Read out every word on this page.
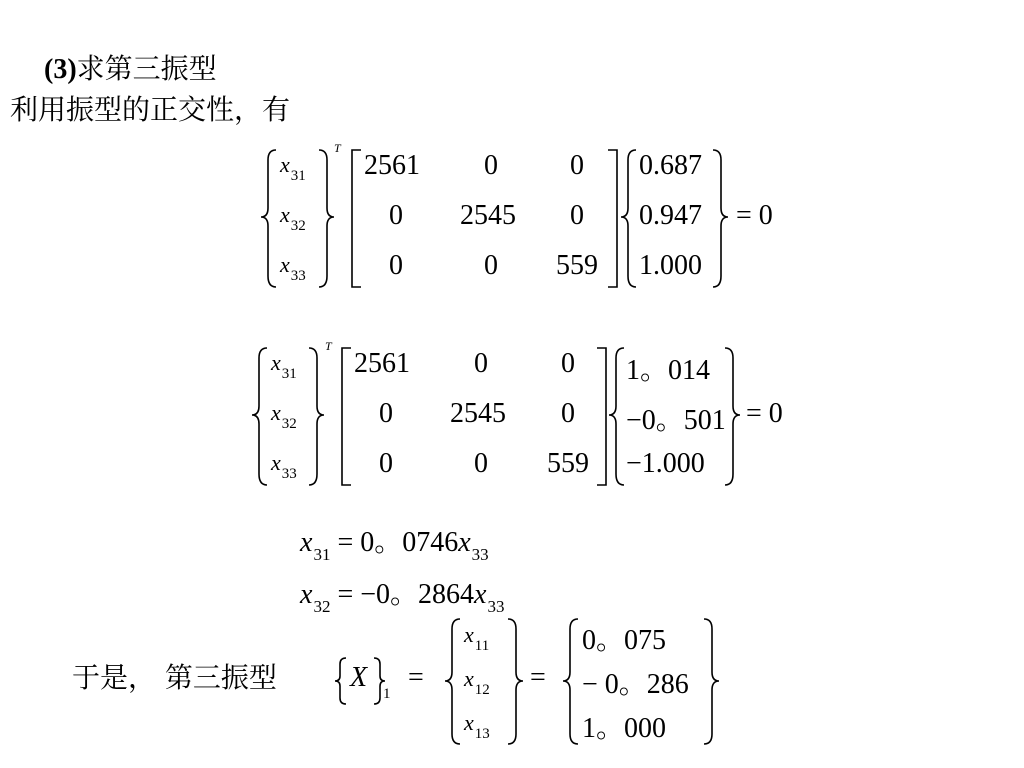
(3)求第三振型
利用振型的正交性，有
$x_{31}$
$x_{32}$
$x_{33}$
T
2561 0	0
0 2545 0
0	0 559
0.687
0.947
1.000
= 0
$x_{31}$
$x_{32}$
$x_{33}$
T
2561 0	0
0 2545 0
0	0 559
1。014
−0。501
−1.000
= 0
$x_{31} = 0$。$0746x_{33}$
$x_{32} = -0$。$2864x_{33}$
于是， 第三振型	X
1
=
$x_{11}$
$x_{12}$
$x_{13}$
=
0。075
− 0。286
1。000
